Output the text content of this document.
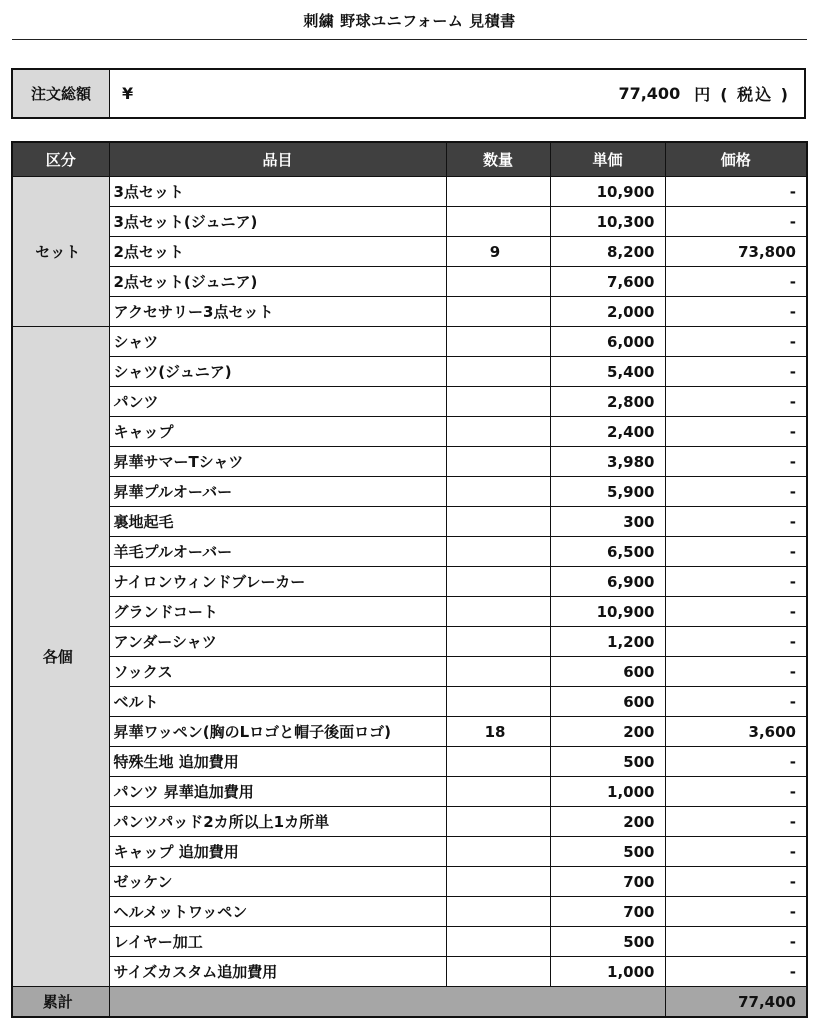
刺繍 野球ユニフォーム 見積書
注文総額	¥	77,400 円 ( 税込 )
区分	品目	数量	単価	価格
セット	3点セット		10,900	-
	3点セット(ジュニア)		10,300	-
	2点セット	9	8,200	73,800
	2点セット(ジュニア)		7,600	-
	アクセサリー3点セット		2,000	-
各個	シャツ		6,000	-
	シャツ(ジュニア)		5,400	-
	パンツ		2,800	-
	キャップ		2,400	-
	昇華サマーTシャツ		3,980	-
	昇華プルオーバー		5,900	-
	裏地起毛		300	-
	羊毛プルオーバー		6,500	-
	ナイロンウィンドブレーカー		6,900	-
	グランドコート		10,900	-
	アンダーシャツ		1,200	-
	ソックス		600	-
	ベルト		600	-
	昇華ワッペン(胸のLロゴと帽子後面ロゴ)	18	200	3,600
	特殊生地 追加費用		500	-
	パンツ 昇華追加費用		1,000	-
	パンツパッド2カ所以上1カ所単		200	-
	キャップ 追加費用		500	-
	ゼッケン		700	-
	ヘルメットワッペン		700	-
	レイヤー加工		500	-
	サイズカスタム追加費用		1,000	-
累計				77,400
